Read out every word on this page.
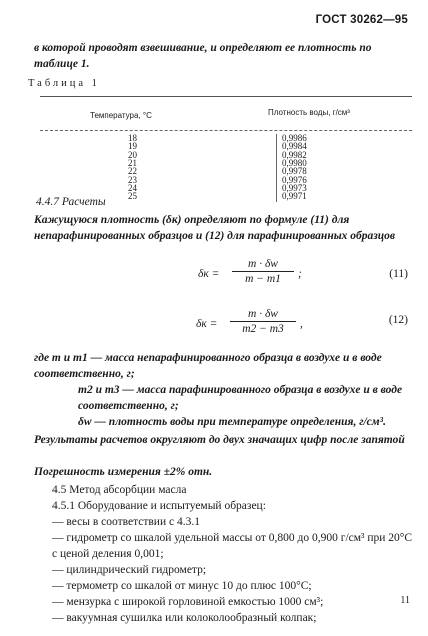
ГОСТ 30262—95
в которой проводят взвешивание, и определяют ее плотность по таблице 1.
Таблица 1
Температура, °C	Плотность воды, г/см³
18	0,9986
19	0,9984
20	0,9982
21	0,9980
22	0,9978
23	0,9976
24	0,9973
25	0,9971
4.4.7 Расчеты
Кажущуюся плотность (δк) определяют по формуле (11) для непарафинированных образцов и (12) для парафинированных образцов
δк =
m · δw
m − m1	;	(11)
δк =
m · δw
m2 − m3	,	(12)
где m и m1 — масса непарафинированного образца в воздухе и в воде соответственно, г;
m2 и m3 — масса парафинированного образца в воздухе и в воде соответственно, г;
δw — плотность воды при температуре определения, г/см³.
Результаты расчетов округляют до двух значащих цифр после запятой
Погрешность измерения ±2% отн.
4.5 Метод абсорбции масла
4.5.1 Оборудование и испытуемый образец:
— весы в соответствии с 4.3.1
— гидрометр со шкалой удельной массы от 0,800 до 0,900 г/см³ при 20°C с ценой деления 0,001;
— цилиндрический гидрометр;
— термометр со шкалой от минус 10 до плюс 100°C;
— мензурка с широкой горловиной емкостью 1000 см³;
— вакуумная сушилка или колоколообразный колпак;
11
